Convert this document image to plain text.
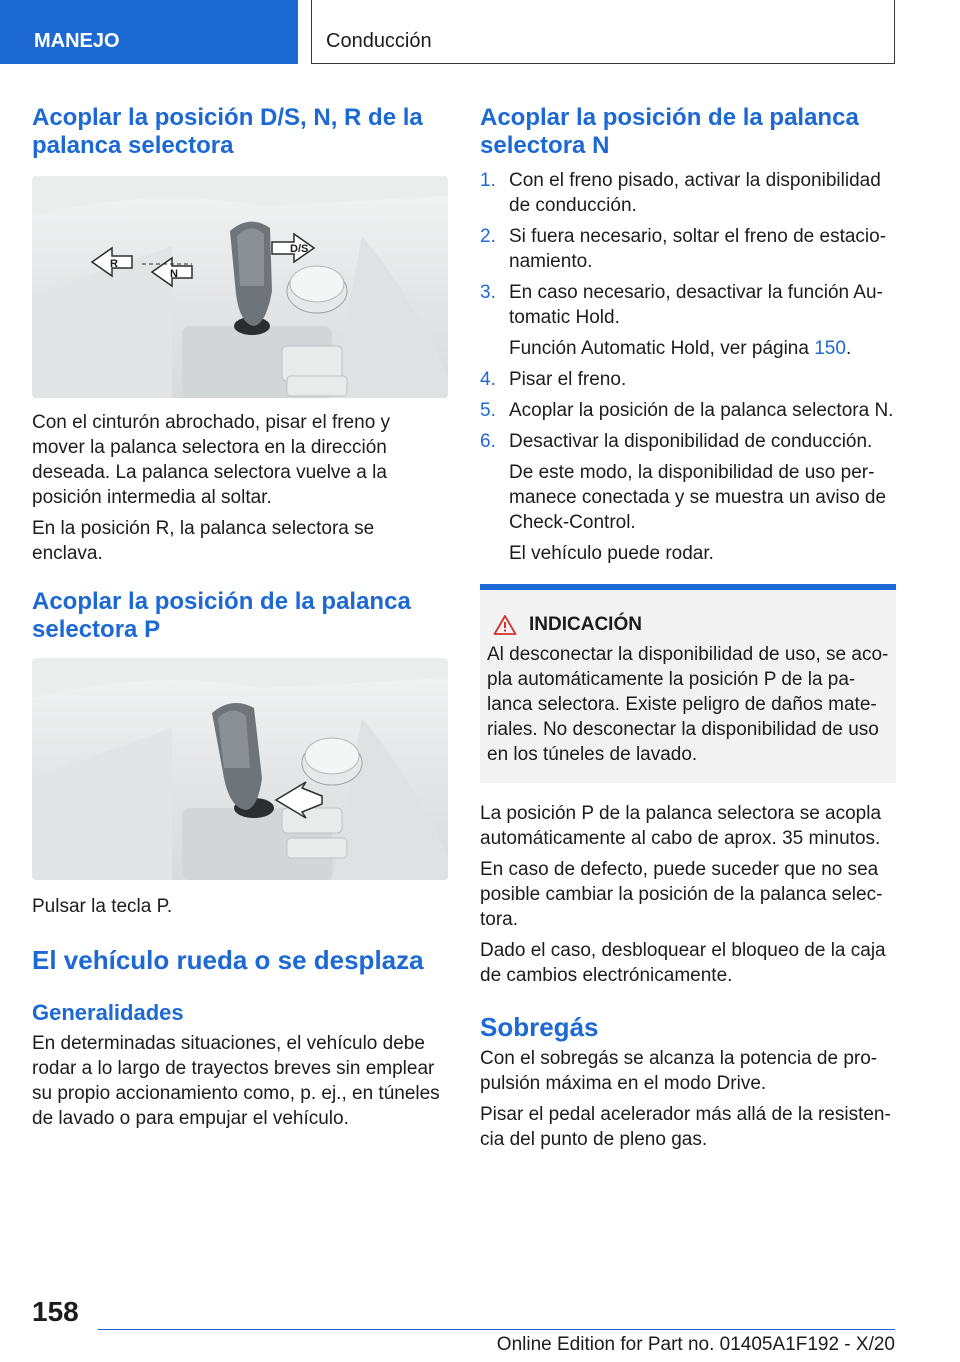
MANEJO	Conducción
Acoplar la posición D/S, N, R de la palanca selectora
D/S
N
R

Con el cinturón abrochado, pisar el freno y mover la palanca selectora en la dirección deseada. La palanca selectora vuelve a la posición intermedia al soltar.

En la posición R, la palanca selectora se enclava.

Acoplar la posición de la palanca selectora P

Pulsar la tecla P.

El vehículo rueda o se desplaza
Generalidades

En determinadas situaciones, el vehículo debe rodar a lo largo de trayectos breves sin emplear su propio accionamiento como, p. ej., en túneles de lavado o para empujar el vehículo.

Acoplar la posición de la palanca selectora N
1. Con el freno pisado, activar la disponibilidad de conducción.
2. Si fuera necesario, soltar el freno de estacio-namiento.
3. En caso necesario, desactivar la función Au-tomatic Hold.
Función Automatic Hold, ver página 150.
4. Pisar el freno.
5. Acoplar la posición de la palanca selectora N.
6. Desactivar la disponibilidad de conducción.
De este modo, la disponibilidad de uso per-manece conectada y se muestra un aviso de Check-Control.
El vehículo puede rodar.
INDICACIÓN

Al desconectar la disponibilidad de uso, se aco-pla automáticamente la posición P de la pa-lanca selectora. Existe peligro de daños mate-riales. No desconectar la disponibilidad de uso en los túneles de lavado.

La posición P de la palanca selectora se acopla automáticamente al cabo de aprox. 35 minutos.

En caso de defecto, puede suceder que no sea posible cambiar la posición de la palanca selec-tora.

Dado el caso, desbloquear el bloqueo de la caja de cambios electrónicamente.

Sobregás

Con el sobregás se alcanza la potencia de pro-pulsión máxima en el modo Drive.

Pisar el pedal acelerador más allá de la resisten-cia del punto de pleno gas.

158
Online Edition for Part no. 01405A1F192 - X/20
